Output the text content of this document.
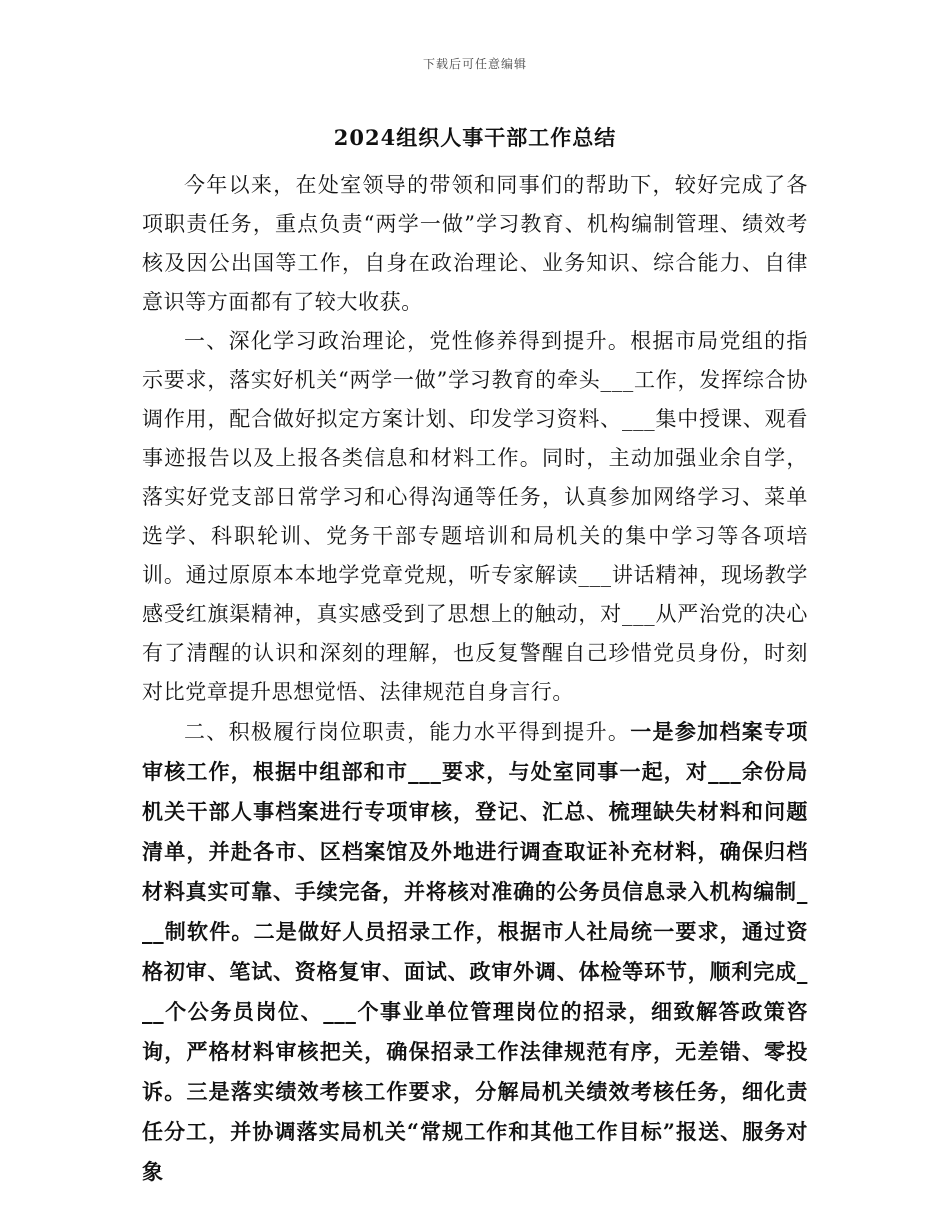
下载后可任意编辑
2024组织人事干部工作总结

今年以来，在处室领导的带领和同事们的帮助下，较好完成了各项职责任务，重点负责“两学一做”学习教育、机构编制管理、绩效考核及因公出国等工作，自身在政治理论、业务知识、综合能力、自律意识等方面都有了较大收获。

一、深化学习政治理论，党性修养得到提升。根据市局党组的指示要求，落实好机关“两学一做”学习教育的牵头___工作，发挥综合协调作用，配合做好拟定方案计划、印发学习资料、___集中授课、观看事迹报告以及上报各类信息和材料工作。同时，主动加强业余自学，落实好党支部日常学习和心得沟通等任务，认真参加网络学习、菜单选学、科职轮训、党务干部专题培训和局机关的集中学习等各项培训。通过原原本本地学党章党规，听专家解读___讲话精神，现场教学感受红旗渠精神，真实感受到了思想上的触动，对___从严治党的决心有了清醒的认识和深刻的理解，也反复警醒自己珍惜党员身份，时刻对比党章提升思想觉悟、法律规范自身言行。

二、积极履行岗位职责，能力水平得到提升。一是参加档案专项审核工作，根据中组部和市___要求，与处室同事一起，对___余份局机关干部人事档案进行专项审核，登记、汇总、梳理缺失材料和问题清单，并赴各市、区档案馆及外地进行调查取证补充材料，确保归档材料真实可靠、手续完备，并将核对准确的公务员信息录入机构编制___制软件。二是做好人员招录工作，根据市人社局统一要求，通过资格初审、笔试、资格复审、面试、政审外调、体检等环节，顺利完成___个公务员岗位、___个事业单位管理岗位的招录，细致解答政策咨询，严格材料审核把关，确保招录工作法律规范有序，无差错、零投诉。三是落实绩效考核工作要求，分解局机关绩效考核任务，细化责任分工，并协调落实局机关“常规工作和其他工作目标”报送、服务对象
